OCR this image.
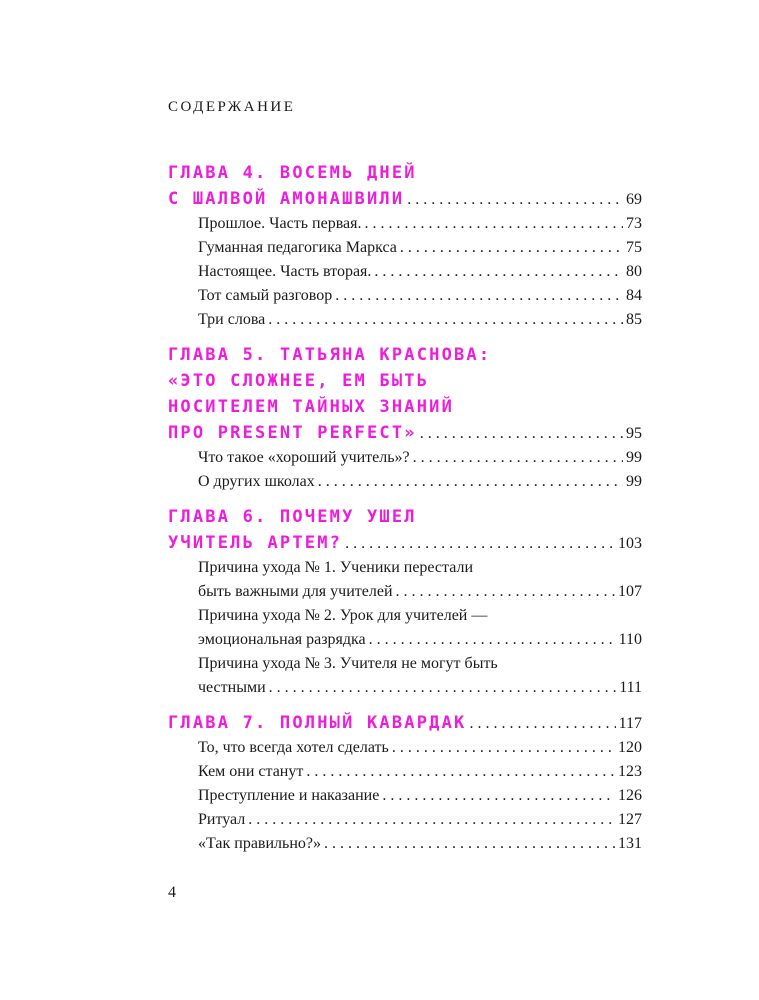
СОДЕРЖАНИЕ
ГЛАВА 4. ВОСЕМЬ ДНЕЙ
С ШАЛВОЙ АМОНАШВИЛИ . . .	69
Прошлое. Часть первая. . . .	73
Гуманная педагогика Маркса . . .	75
Настоящее. Часть вторая. . . .	80
Тот самый разговор . . .	84
Три слова . . .	85
ГЛАВА 5. ТАТЬЯНА КРАСНОВА:
«ЭТО СЛОЖНЕЕ, ЕМ БЫТЬ
НОСИТЕЛЕМ ТАЙНЫХ ЗНАНИЙ
ПРО PRESENT PERFECT» . . .	95
Что такое «хороший учитель»? . . .	99
О других школах . . .	99
ГЛАВА 6. ПОЧЕМУ УШЕЛ
УЧИТЕЛЬ АРТЕМ? . . .	103
Причина ухода № 1. Ученики перестали
быть важными для учителей . . .	107
Причина ухода № 2. Урок для учителей —
эмоциональная разрядка . . .	110
Причина ухода № 3. Учителя не могут быть
честными . . .	111
ГЛАВА 7. ПОЛНЫЙ КАВАРДАК . . .	117
То, что всегда хотел сделать . . .	120
Кем они станут . . .	123
Преступление и наказание . . .	126
Ритуал . . .	127
«Так правильно?» . . .	131
4
